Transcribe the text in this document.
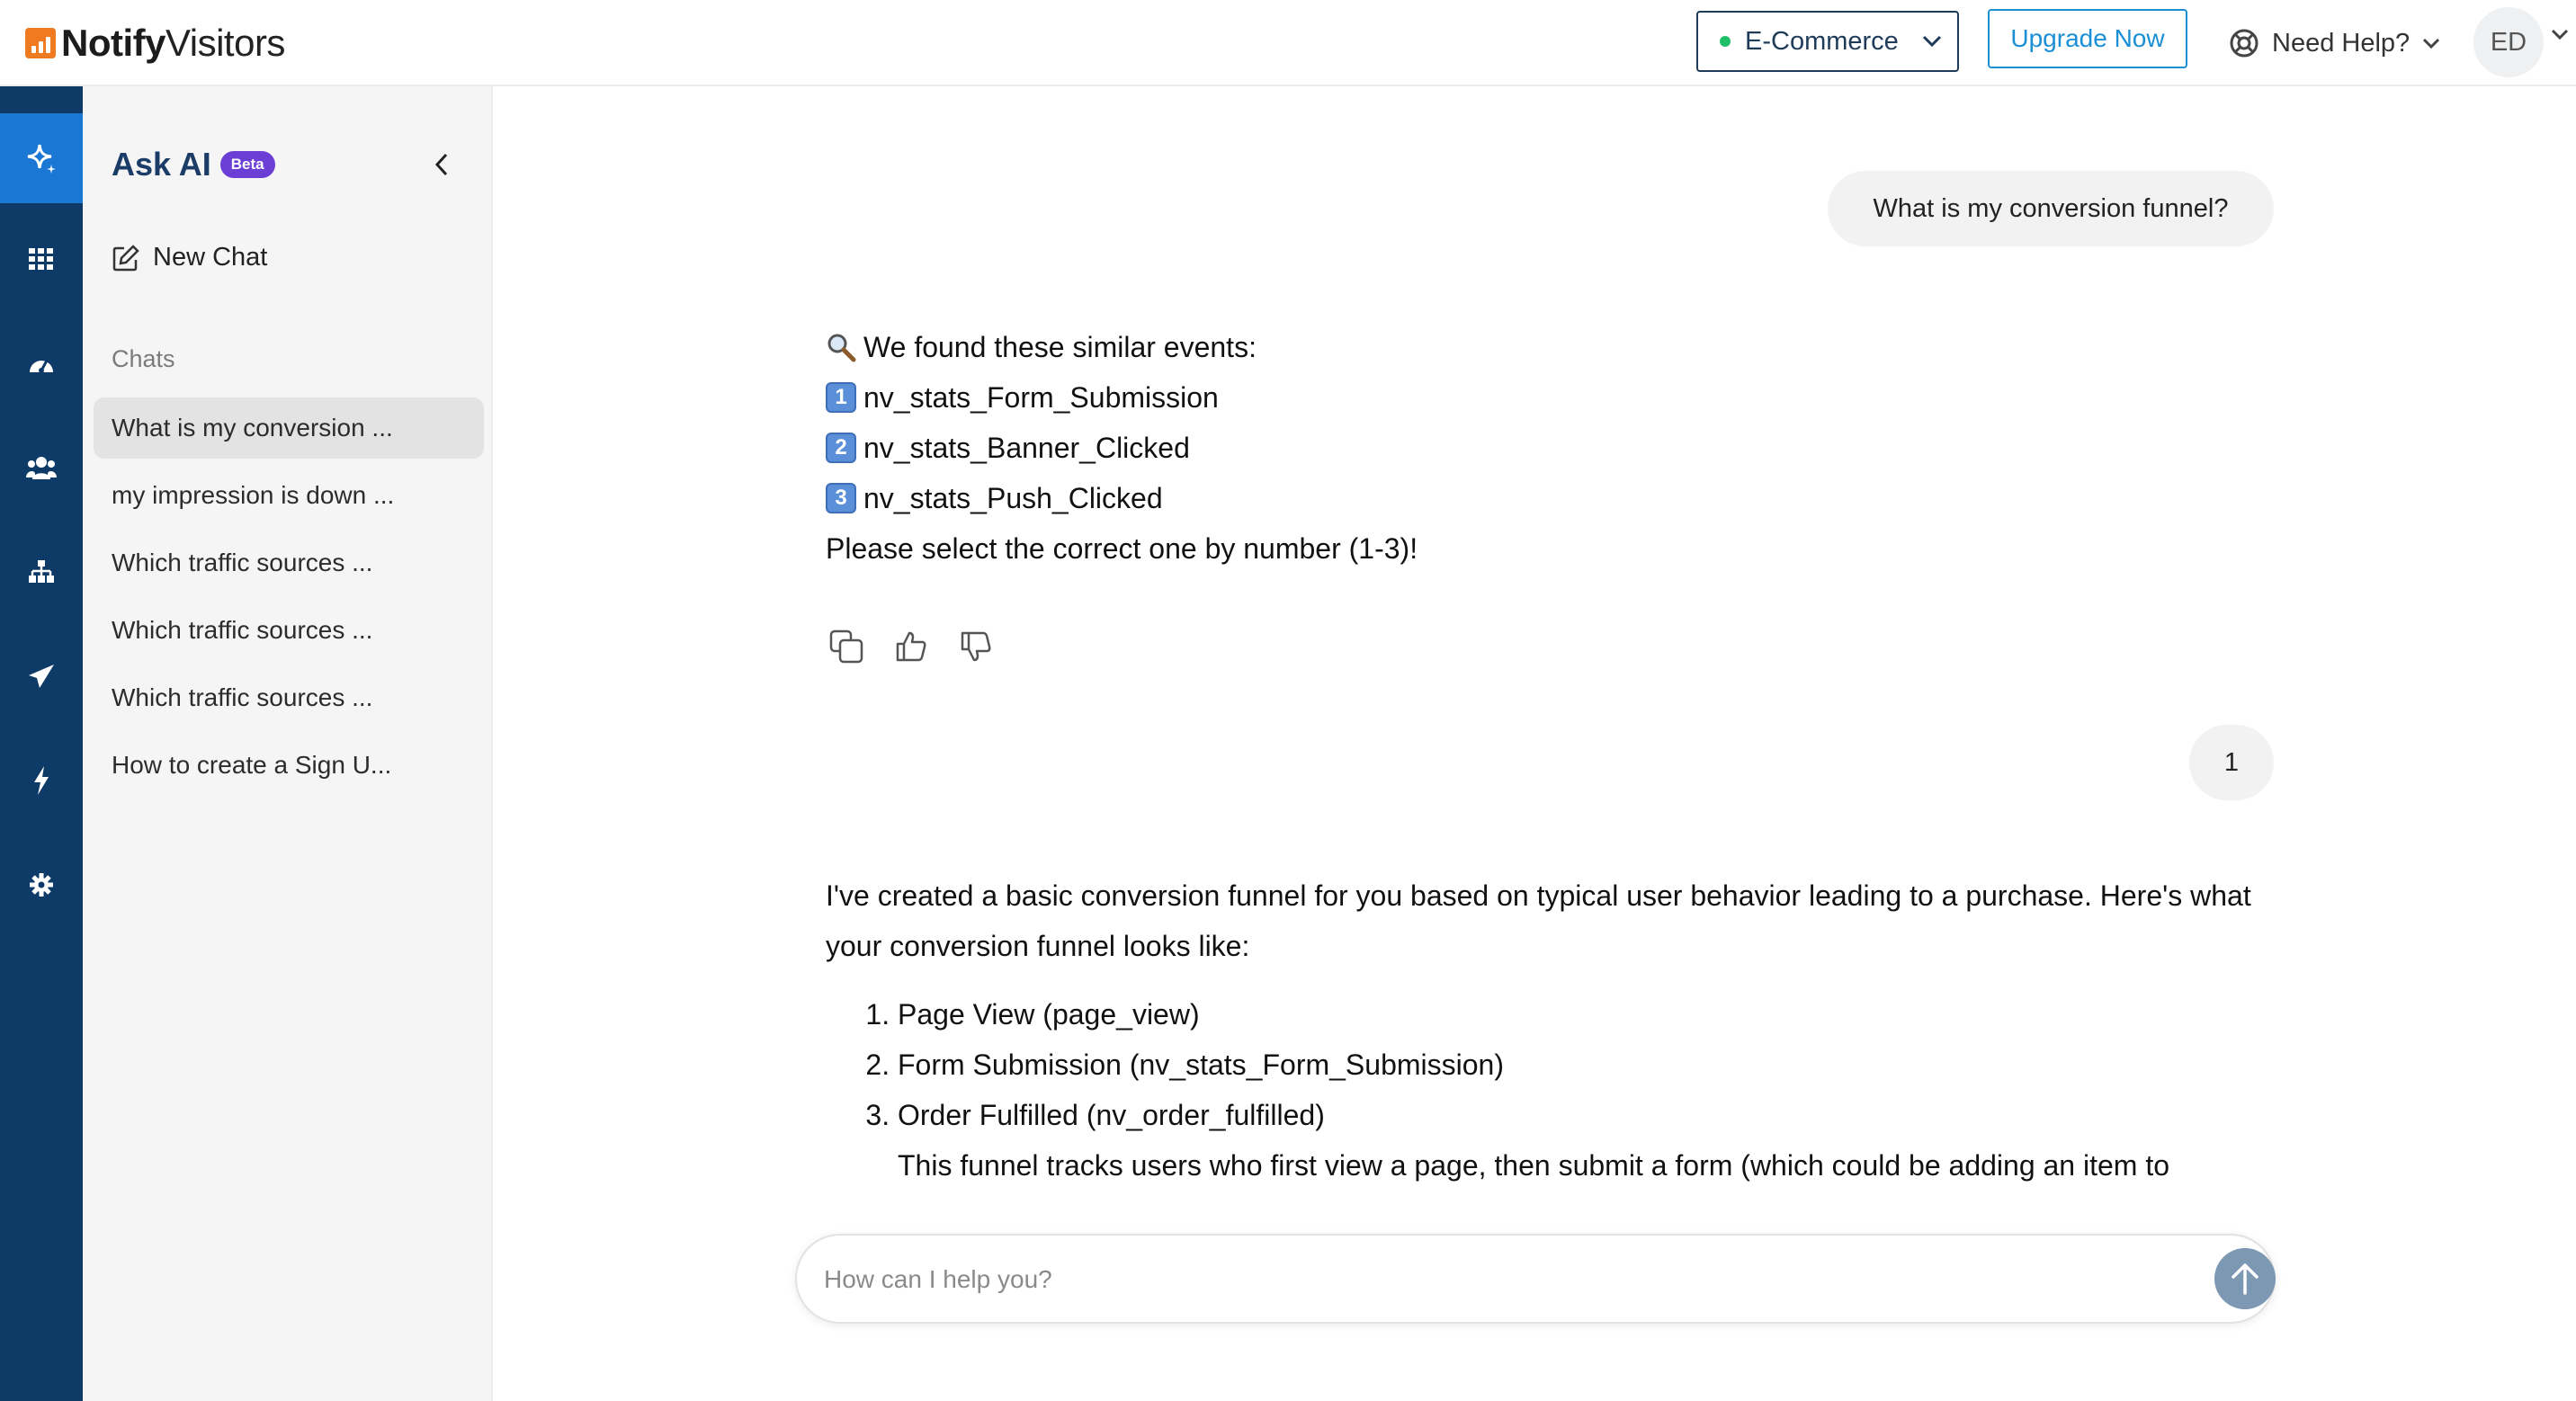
NotifyVisitors	E-Commerce	Upgrade Now	Need Help?	ED
Ask AI	Beta
New Chat
Chats
What is my conversion ...
my impression is down ...
Which traffic sources ...
Which traffic sources ...
Which traffic sources ...
How to create a Sign U...
What is my conversion funnel?
We found these similar events:
1 nv_stats_Form_Submission
2 nv_stats_Banner_Clicked
3 nv_stats_Push_Clicked
Please select the correct one by number (1-3)!
1
I've created a basic conversion funnel for you based on typical user behavior leading to a purchase. Here's what your conversion funnel looks like:
1. Page View (page_view)
2. Form Submission (nv_stats_Form_Submission)
3. Order Fulfilled (nv_order_fulfilled)
This funnel tracks users who first view a page, then submit a form (which could be adding an item to
How can I help you?
